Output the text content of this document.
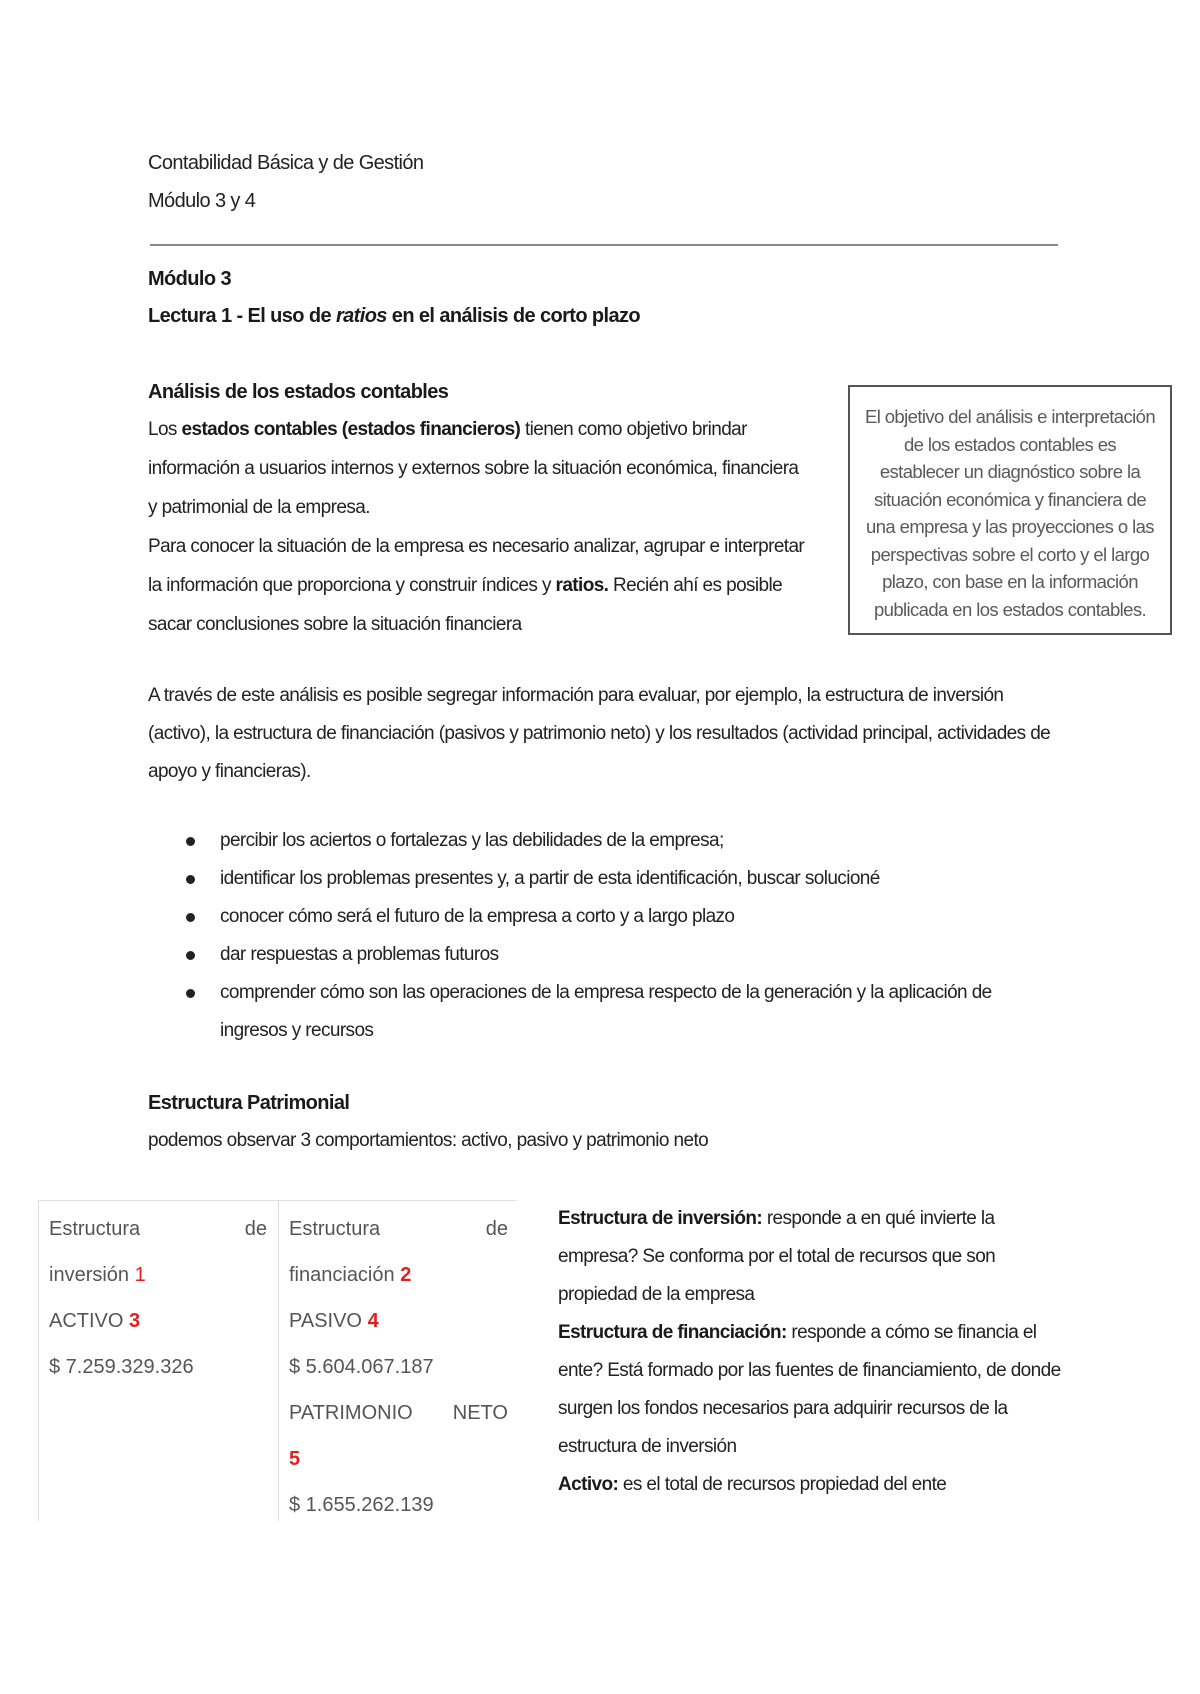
Contabilidad Básica y de Gestión
Módulo 3 y 4
Módulo 3
Lectura 1 - El uso de ratios en el análisis de corto plazo
Análisis de los estados contables
Los estados contables (estados financieros) tienen como objetivo brindar información a usuarios internos y externos sobre la situación económica, financiera y patrimonial de la empresa.
Para conocer la situación de la empresa es necesario analizar, agrupar e interpretar la información que proporciona y construir índices y ratios. Recién ahí es posible sacar conclusiones sobre la situación financiera
El objetivo del análisis e interpretación de los estados contables es establecer un diagnóstico sobre la situación económica y financiera de una empresa y las proyecciones o las perspectivas sobre el corto y el largo plazo, con base en la información publicada en los estados contables.
A través de este análisis es posible segregar información para evaluar, por ejemplo, la estructura de inversión (activo), la estructura de financiación (pasivos y patrimonio neto) y los resultados (actividad principal, actividades de apoyo y financieras).
percibir los aciertos o fortalezas y las debilidades de la empresa;
identificar los problemas presentes y, a partir de esta identificación, buscar solucioné
conocer cómo será el futuro de la empresa a corto y a largo plazo
dar respuestas a problemas futuros
comprender cómo son las operaciones de la empresa respecto de la generación y la aplicación de ingresos y recursos
Estructura Patrimonial
podemos observar 3 comportamientos: activo, pasivo y patrimonio neto
Estructura	de
inversión 1
ACTIVO 3
$ 7.259.329.326
Estructura	de
financiación 2
PASIVO 4
$ 5.604.067.187
PATRIMONIO NETO
5
$ 1.655.262.139
Estructura de inversión: responde a en qué invierte la empresa? Se conforma por el total de recursos que son propiedad de la empresa
Estructura de financiación: responde a cómo se financia el ente? Está formado por las fuentes de financiamiento, de donde surgen los fondos necesarios para adquirir recursos de la estructura de inversión
Activo: es el total de recursos propiedad del ente
